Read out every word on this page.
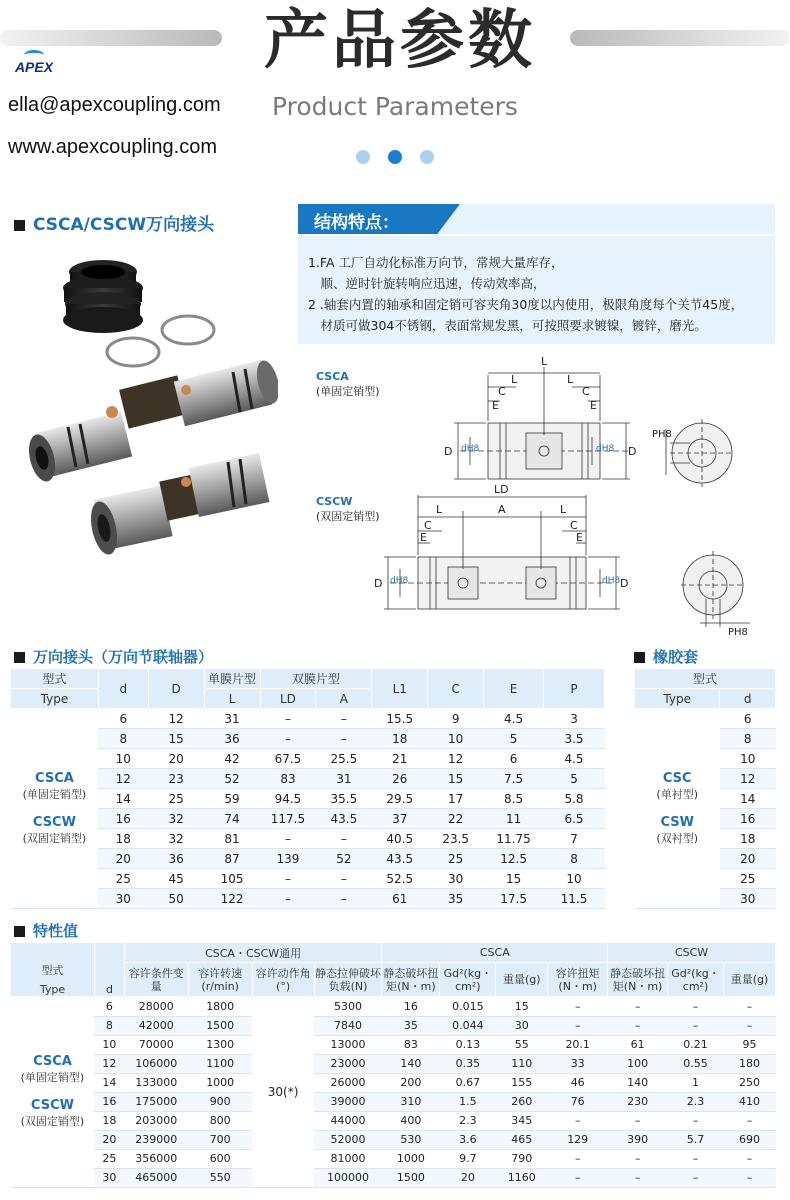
产品参数
APEX
ella@apexcoupling.com
www.apexcoupling.com
Product Parameters
CSCA/CSCW万向接头	结构特点：
1.FA 工厂自动化标准万向节，常规大量库存，
　顺、逆时针旋转响应迅速，传动效率高，
2 .轴套内置的轴承和固定销可容夹角30度以内使用，极限角度每个关节45度，
　材质可做304不锈钢，表面常规发黑，可按照要求镀镍，镀锌，磨光。
CSCA
(单固定销型)
CSCW
(双固定销型)
L
L	L
C	C
E	E
D	D
dH8	dH8
PH8
LD
L	A	L
C	C
E	E
D	D
dH8	dH8
PH8
万向接头（万向节联轴器）
型式	d	D	单膜片型	双膜片型		L1	C	E	P
Type			L	LD	A				

CSCA
(单固定销型)
CSCW
(双固定销型)	6	12	31	–	–	15.5	9	4.5	3
	8	15	36	–	–	18	10	5	3.5
	10	20	42	67.5	25.5	21	12	6	4.5
	12	23	52	83	31	26	15	7.5	5
	14	25	59	94.5	35.5	29.5	17	8.5	5.8
	16	32	74	117.5	43.5	37	22	11	6.5
	18	32	81	–	–	40.5	23.5	11.75	7
	20	36	87	139	52	43.5	25	12.5	8
	25	45	105	–	–	52.5	30	15	10
	30	50	122	–	–	61	35	17.5	11.5
橡胶套
型式	
Type	d

CSC
(单衬型)
CSW
(双衬型)	6
	8
	10
	12
	14
	16
	18
	20
	25
	30
特性值
型式		CSCA・CSCW通用				CSCA				CSCW		
		容许条件变量	容许转速(r/min)	容许动作角(°)	静态拉伸破坏负载(N)	静态破坏扭矩(N・m)	Gd²(kg・cm²)	重量(g)	容许扭矩(N・m)	静态破坏扭矩(N・m)	Gd²(kg・cm²)	重量(g)

Type	d

CSCA
(单固定销型)
CSCW
(双固定销型)	6	28000	1800	30(*)	5300	16	0.015	15	–	–	–	–
	8	42000	1500		7840	35	0.044	30	–	–	–	–
	10	70000	1300		13000	83	0.13	55	20.1	61	0.21	95
	12	106000	1100		23000	140	0.35	110	33	100	0.55	180
	14	133000	1000		26000	200	0.67	155	46	140	1	250
	16	175000	900		39000	310	1.5	260	76	230	2.3	410
	18	203000	800		44000	400	2.3	345	–	–	–	–
	20	239000	700		52000	530	3.6	465	129	390	5.7	690
	25	356000	600		81000	1000	9.7	790	–	–	–	–
	30	465000	550		100000	1500	20	1160	–	–	–	–
